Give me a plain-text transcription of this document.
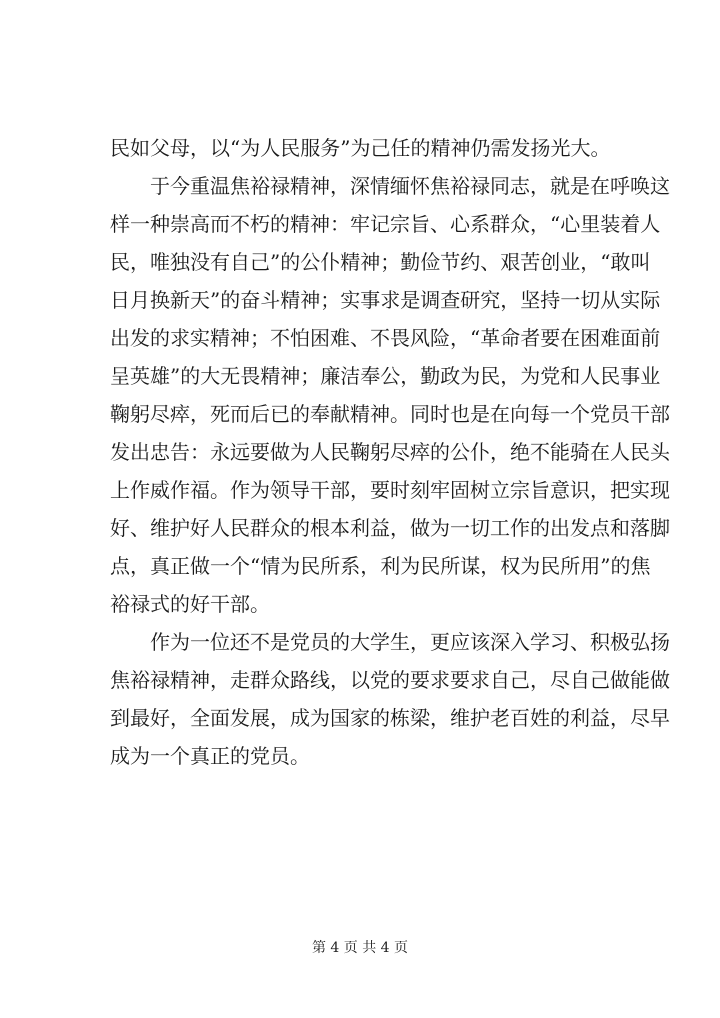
民如父母，以“为人民服务”为己任的精神仍需发扬光大。
　　于今重温焦裕禄精神，深情缅怀焦裕禄同志，就是在呼唤这
样一种崇高而不朽的精神：牢记宗旨、心系群众，“心里装着人
民，唯独没有自己”的公仆精神；勤俭节约、艰苦创业，“敢叫
日月换新天”的奋斗精神；实事求是调查研究，坚持一切从实际
出发的求实精神；不怕困难、不畏风险，“革命者要在困难面前
呈英雄”的大无畏精神；廉洁奉公，勤政为民，为党和人民事业
鞠躬尽瘁，死而后已的奉献精神。同时也是在向每一个党员干部
发出忠告：永远要做为人民鞠躬尽瘁的公仆，绝不能骑在人民头
上作威作福。作为领导干部，要时刻牢固树立宗旨意识，把实现
好、维护好人民群众的根本利益，做为一切工作的出发点和落脚
点，真正做一个“情为民所系，利为民所谋，权为民所用”的焦
裕禄式的好干部。
　　作为一位还不是党员的大学生，更应该深入学习、积极弘扬
焦裕禄精神，走群众路线，以党的要求要求自己，尽自己做能做
到最好，全面发展，成为国家的栋梁，维护老百姓的利益，尽早
成为一个真正的党员。
第 4 页 共 4 页
